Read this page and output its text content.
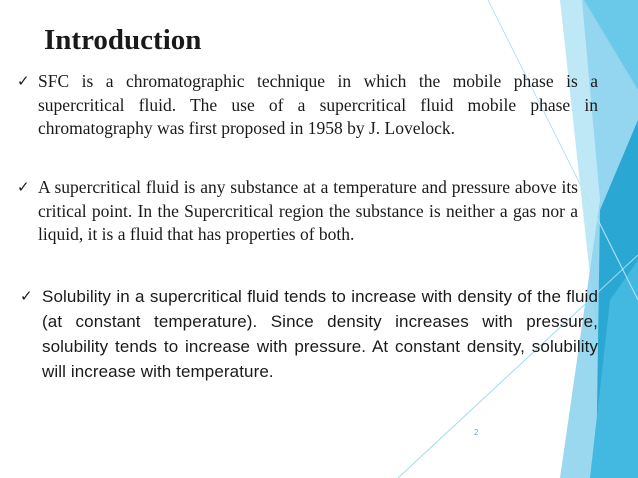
Introduction
✓ SFC is a chromatographic technique in which the mobile phase is a supercritical fluid. The use of a supercritical fluid mobile phase in chromatography was first proposed in 1958 by J. Lovelock.
✓ A supercritical fluid is any substance at a temperature and pressure above its critical point. In the Supercritical region the substance is neither a gas nor a liquid, it is a fluid that has properties of both.
✓ Solubility in a supercritical fluid tends to increase with density of the fluid (at constant temperature). Since density increases with pressure, solubility tends to increase with pressure. At constant density, solubility will increase with temperature.
2
